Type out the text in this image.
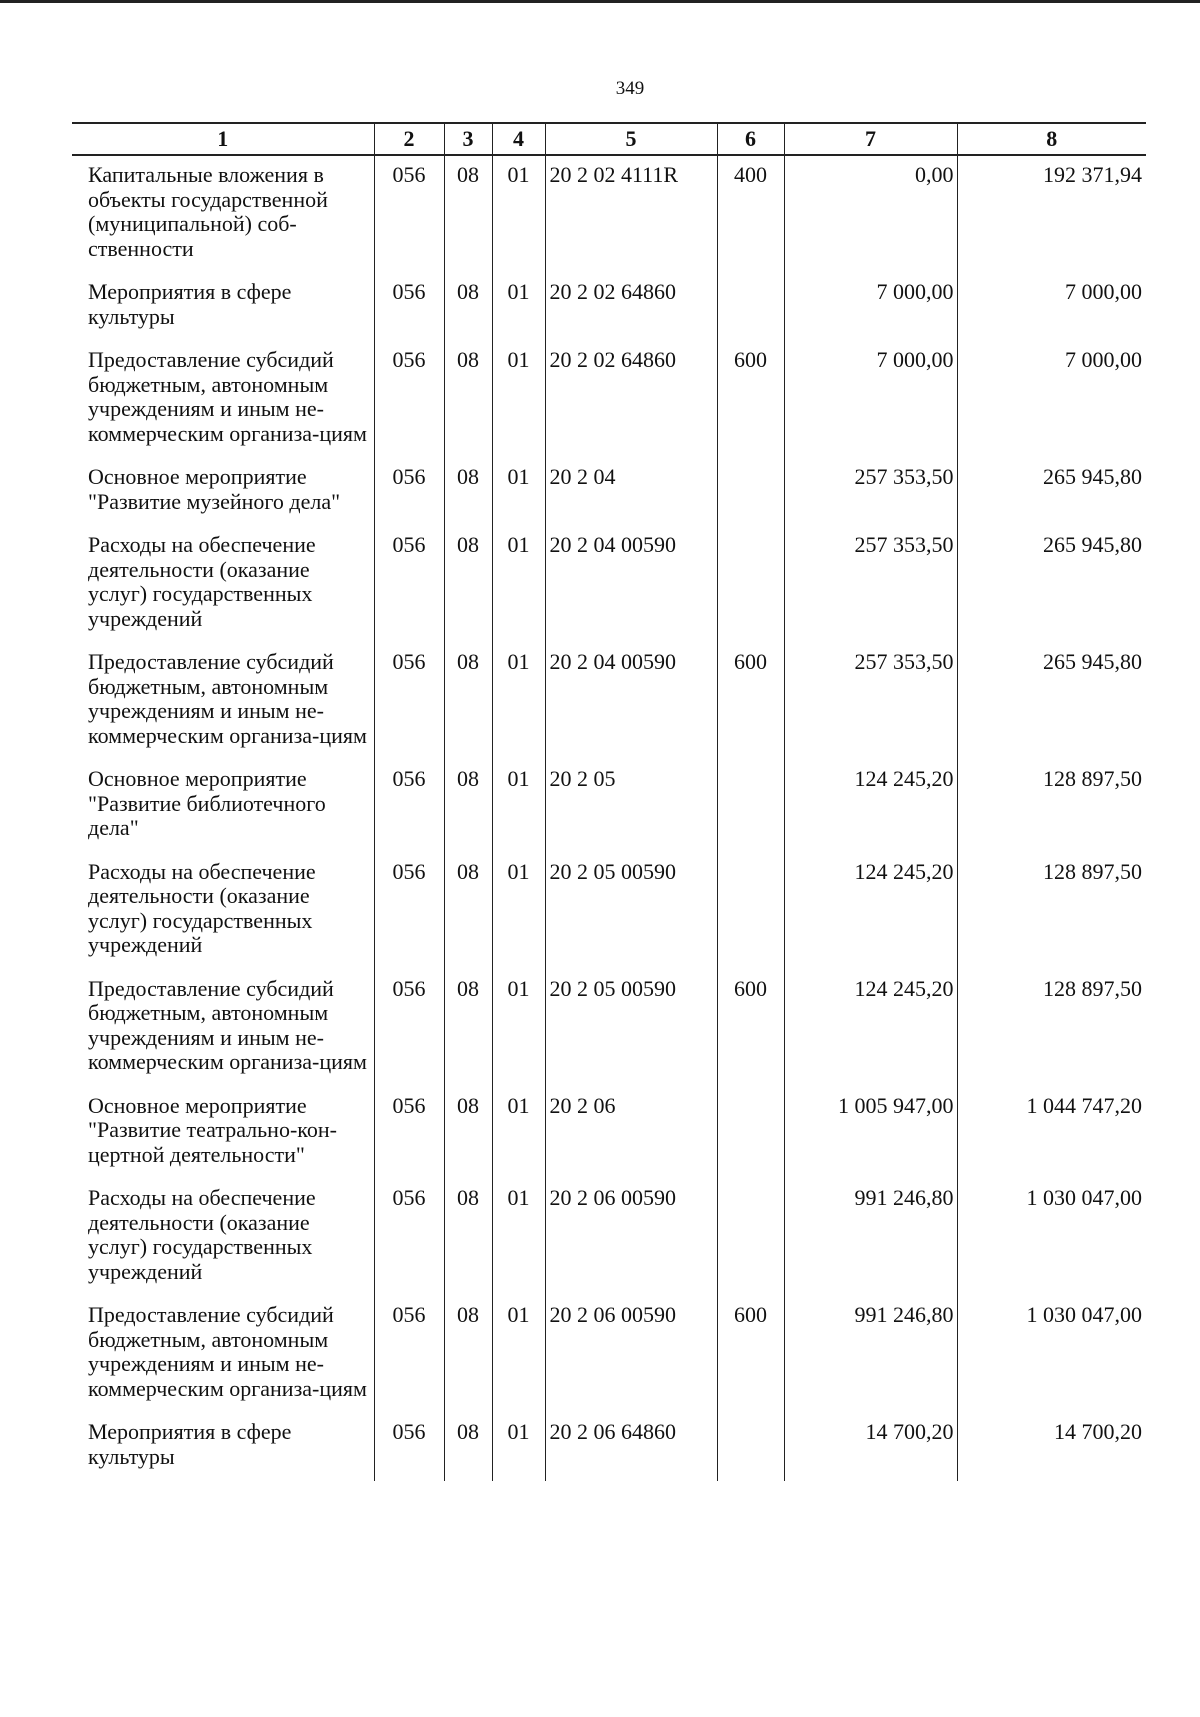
349
1	2	3	4	5	6	7	8
Капитальные вложения в объекты государственной (муниципальной) соб-ственности	056	08	01	20 2 02 4111R	400	0,00	192 371,94
Мероприятия в сфере культуры	056	08	01	20 2 02 64860		7 000,00	7 000,00
Предоставление субсидий бюджетным, автономным учреждениям и иным не-коммерческим организа-циям	056	08	01	20 2 02 64860	600	7 000,00	7 000,00
Основное мероприятие "Развитие музейного дела"	056	08	01	20 2 04		257 353,50	265 945,80
Расходы на обеспечение деятельности (оказание услуг) государственных учреждений	056	08	01	20 2 04 00590		257 353,50	265 945,80
Предоставление субсидий бюджетным, автономным учреждениям и иным не-коммерческим организа-циям	056	08	01	20 2 04 00590	600	257 353,50	265 945,80
Основное мероприятие "Развитие библиотечного дела"	056	08	01	20 2 05		124 245,20	128 897,50
Расходы на обеспечение деятельности (оказание услуг) государственных учреждений	056	08	01	20 2 05 00590		124 245,20	128 897,50
Предоставление субсидий бюджетным, автономным учреждениям и иным не-коммерческим организа-циям	056	08	01	20 2 05 00590	600	124 245,20	128 897,50
Основное мероприятие "Развитие театрально-кон-цертной деятельности"	056	08	01	20 2 06		1 005 947,00	1 044 747,20
Расходы на обеспечение деятельности (оказание услуг) государственных учреждений	056	08	01	20 2 06 00590		991 246,80	1 030 047,00
Предоставление субсидий бюджетным, автономным учреждениям и иным не-коммерческим организа-циям	056	08	01	20 2 06 00590	600	991 246,80	1 030 047,00
Мероприятия в сфере культуры	056	08	01	20 2 06 64860		14 700,20	14 700,20
